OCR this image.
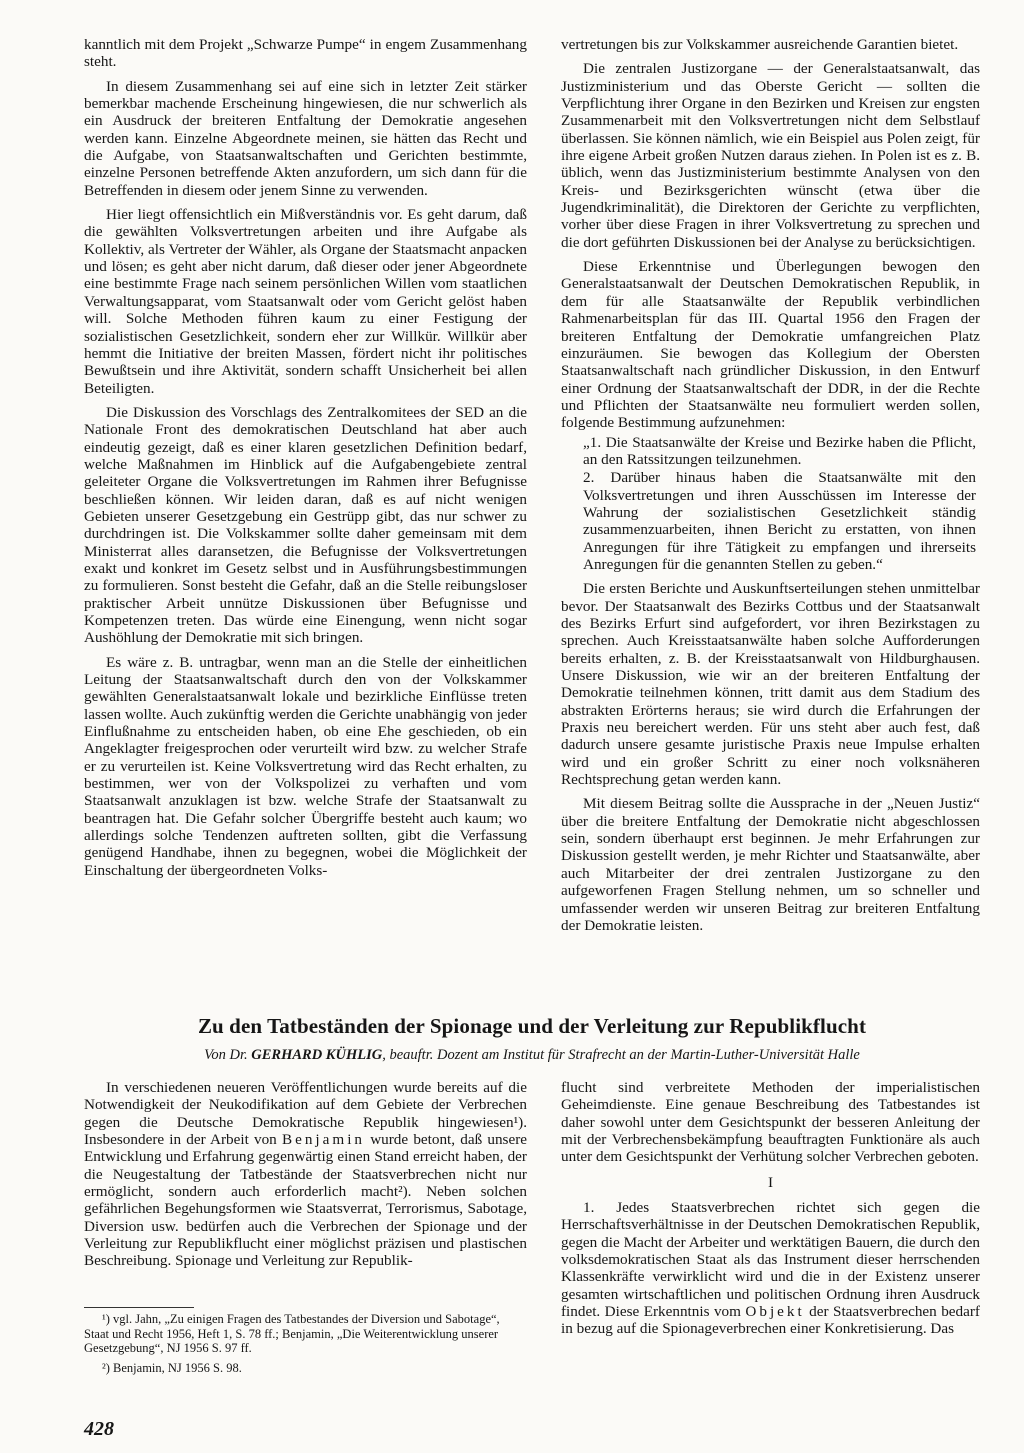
kanntlich mit dem Projekt „Schwarze Pumpe“ in engem Zusammenhang steht.

In diesem Zusammenhang sei auf eine sich in letzter Zeit stärker bemerkbar machende Erscheinung hingewiesen, die nur schwerlich als ein Ausdruck der breiteren Entfaltung der Demokratie angesehen werden kann. Einzelne Abgeordnete meinen, sie hätten das Recht und die Aufgabe, von Staatsanwaltschaften und Gerichten bestimmte, einzelne Personen betreffende Akten anzufordern, um sich dann für die Betreffenden in diesem oder jenem Sinne zu verwenden.

Hier liegt offensichtlich ein Mißverständnis vor. Es geht darum, daß die gewählten Volksvertretungen arbeiten und ihre Aufgabe als Kollektiv, als Vertreter der Wähler, als Organe der Staatsmacht anpacken und lösen; es geht aber nicht darum, daß dieser oder jener Abgeordnete eine bestimmte Frage nach seinem persönlichen Willen vom staatlichen Verwaltungsapparat, vom Staatsanwalt oder vom Gericht gelöst haben will. Solche Methoden führen kaum zu einer Festigung der sozialistischen Gesetzlichkeit, sondern eher zur Willkür. Willkür aber hemmt die Initiative der breiten Massen, fördert nicht ihr politisches Bewußtsein und ihre Aktivität, sondern schafft Unsicherheit bei allen Beteiligten.

Die Diskussion des Vorschlags des Zentralkomitees der SED an die Nationale Front des demokratischen Deutschland hat aber auch eindeutig gezeigt, daß es einer klaren gesetzlichen Definition bedarf, welche Maßnahmen im Hinblick auf die Aufgabengebiete zentral geleiteter Organe die Volksvertretungen im Rahmen ihrer Befugnisse beschließen können. Wir leiden daran, daß es auf nicht wenigen Gebieten unserer Gesetzgebung ein Gestrüpp gibt, das nur schwer zu durchdringen ist. Die Volkskammer sollte daher gemeinsam mit dem Ministerrat alles daransetzen, die Befugnisse der Volksvertretungen exakt und konkret im Gesetz selbst und in Ausführungsbestimmungen zu formulieren. Sonst besteht die Gefahr, daß an die Stelle reibungsloser praktischer Arbeit unnütze Diskussionen über Befugnisse und Kompetenzen treten. Das würde eine Einengung, wenn nicht sogar Aushöhlung der Demokratie mit sich bringen.

Es wäre z. B. untragbar, wenn man an die Stelle der einheitlichen Leitung der Staatsanwaltschaft durch den von der Volkskammer gewählten Generalstaatsanwalt lokale und bezirkliche Einflüsse treten lassen wollte. Auch zukünftig werden die Gerichte unabhängig von jeder Einflußnahme zu entscheiden haben, ob eine Ehe geschieden, ob ein Angeklagter freigesprochen oder verurteilt wird bzw. zu welcher Strafe er zu verurteilen ist. Keine Volksvertretung wird das Recht erhalten, zu bestimmen, wer von der Volkspolizei zu verhaften und vom Staatsanwalt anzuklagen ist bzw. welche Strafe der Staatsanwalt zu beantragen hat. Die Gefahr solcher Übergriffe besteht auch kaum; wo allerdings solche Tendenzen auftreten sollten, gibt die Verfassung genügend Handhabe, ihnen zu begegnen, wobei die Möglichkeit der Einschaltung der übergeordneten Volks-

vertretungen bis zur Volkskammer ausreichende Garantien bietet.

Die zentralen Justizorgane — der Generalstaatsanwalt, das Justizministerium und das Oberste Gericht — sollten die Verpflichtung ihrer Organe in den Bezirken und Kreisen zur engsten Zusammenarbeit mit den Volksvertretungen nicht dem Selbstlauf überlassen. Sie können nämlich, wie ein Beispiel aus Polen zeigt, für ihre eigene Arbeit großen Nutzen daraus ziehen. In Polen ist es z. B. üblich, wenn das Justizministerium bestimmte Analysen von den Kreis- und Bezirksgerichten wünscht (etwa über die Jugendkriminalität), die Direktoren der Gerichte zu verpflichten, vorher über diese Fragen in ihrer Volksvertretung zu sprechen und die dort geführten Diskussionen bei der Analyse zu berücksichtigen.

Diese Erkenntnise und Überlegungen bewogen den Generalstaatsanwalt der Deutschen Demokratischen Republik, in dem für alle Staatsanwälte der Republik verbindlichen Rahmenarbeitsplan für das III. Quartal 1956 den Fragen der breiteren Entfaltung der Demokratie umfangreichen Platz einzuräumen. Sie bewogen das Kollegium der Obersten Staatsanwaltschaft nach gründlicher Diskussion, in den Entwurf einer Ordnung der Staatsanwaltschaft der DDR, in der die Rechte und Pflichten der Staatsanwälte neu formuliert werden sollen, folgende Bestimmung aufzunehmen:

„1. Die Staatsanwälte der Kreise und Bezirke haben die Pflicht, an den Ratssitzungen teilzunehmen.

2. Darüber hinaus haben die Staatsanwälte mit den Volksvertretungen und ihren Ausschüssen im Interesse der Wahrung der sozialistischen Gesetzlichkeit ständig zusammenzuarbeiten, ihnen Bericht zu erstatten, von ihnen Anregungen für ihre Tätigkeit zu empfangen und ihrerseits Anregungen für die genannten Stellen zu geben.“

Die ersten Berichte und Auskunftserteilungen stehen unmittelbar bevor. Der Staatsanwalt des Bezirks Cottbus und der Staatsanwalt des Bezirks Erfurt sind aufgefordert, vor ihren Bezirkstagen zu sprechen. Auch Kreisstaatsanwälte haben solche Aufforderungen bereits erhalten, z. B. der Kreisstaatsanwalt von Hildburghausen. Unsere Diskussion, wie wir an der breiteren Entfaltung der Demokratie teilnehmen können, tritt damit aus dem Stadium des abstrakten Erörterns heraus; sie wird durch die Erfahrungen der Praxis neu bereichert werden. Für uns steht aber auch fest, daß dadurch unsere gesamte juristische Praxis neue Impulse erhalten wird und ein großer Schritt zu einer noch volksnäheren Rechtsprechung getan werden kann.

Mit diesem Beitrag sollte die Aussprache in der „Neuen Justiz“ über die breitere Entfaltung der Demokratie nicht abgeschlossen sein, sondern überhaupt erst beginnen. Je mehr Erfahrungen zur Diskussion gestellt werden, je mehr Richter und Staatsanwälte, aber auch Mitarbeiter der drei zentralen Justizorgane zu den aufgeworfenen Fragen Stellung nehmen, um so schneller und umfassender werden wir unseren Beitrag zur breiteren Entfaltung der Demokratie leisten.

Zu den Tatbeständen der Spionage und der Verleitung zur Republikflucht
Von Dr. GERHARD KÜHLIG, beauftr. Dozent am Institut für Strafrecht an der Martin-Luther-Universität Halle

In verschiedenen neueren Veröffentlichungen wurde bereits auf die Notwendigkeit der Neukodifikation auf dem Gebiete der Verbrechen gegen die Deutsche Demokratische Republik hingewiesen¹). Insbesondere in der Arbeit von Benjamin wurde betont, daß unsere Entwicklung und Erfahrung gegenwärtig einen Stand erreicht haben, der die Neugestaltung der Tatbestände der Staatsverbrechen nicht nur ermöglicht, sondern auch erforderlich macht²). Neben solchen gefährlichen Begehungsformen wie Staatsverrat, Terrorismus, Sabotage, Diversion usw. bedürfen auch die Verbrechen der Spionage und der Verleitung zur Republikflucht einer möglichst präzisen und plastischen Beschreibung. Spionage und Verleitung zur Republik-

¹) vgl. Jahn, „Zu einigen Fragen des Tatbestandes der Diversion und Sabotage“, Staat und Recht 1956, Heft 1, S. 78 ff.; Benjamin, „Die Weiterentwicklung unserer Gesetzgebung“, NJ 1956 S. 97 ff.

²) Benjamin, NJ 1956 S. 98.

flucht sind verbreitete Methoden der imperialistischen Geheimdienste. Eine genaue Beschreibung des Tatbestandes ist daher sowohl unter dem Gesichtspunkt der besseren Anleitung der mit der Verbrechensbekämpfung beauftragten Funktionäre als auch unter dem Gesichtspunkt der Verhütung solcher Verbrechen geboten.

I

1. Jedes Staatsverbrechen richtet sich gegen die Herrschaftsverhältnisse in der Deutschen Demokratischen Republik, gegen die Macht der Arbeiter und werktätigen Bauern, die durch den volksdemokratischen Staat als das Instrument dieser herrschenden Klassenkräfte verwirklicht wird und die in der Existenz unserer gesamten wirtschaftlichen und politischen Ordnung ihren Ausdruck findet. Diese Erkenntnis vom Objekt der Staatsverbrechen bedarf in bezug auf die Spionageverbrechen einer Konkretisierung. Das

428
